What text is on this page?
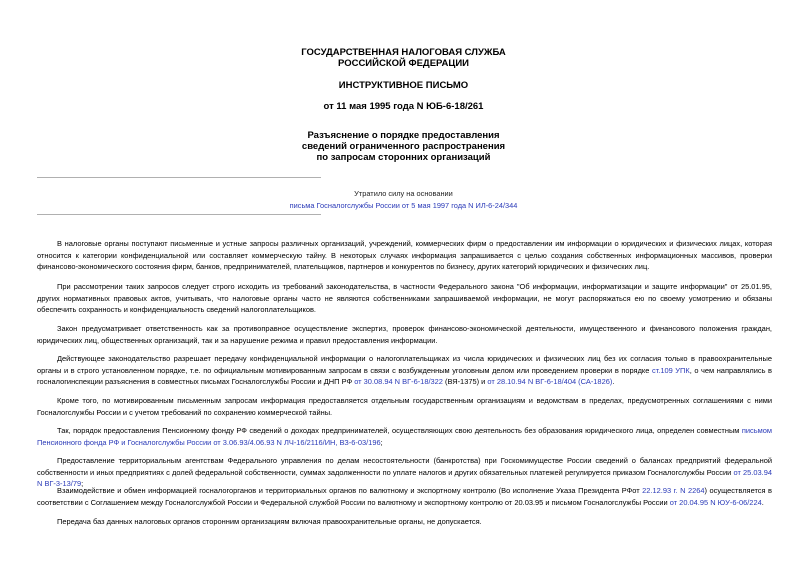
ГОСУДАРСТВЕННАЯ НАЛОГОВАЯ СЛУЖБА
РОССИЙСКОЙ ФЕДЕРАЦИИ
ИНСТРУКТИВНОЕ ПИСЬМО
от 11 мая 1995 года N ЮБ-6-18/261
Разъяснение о порядке предоставления
сведений ограниченного распространения
по запросам сторонних организаций
Утратило силу на основании
письма Госналогслужбы России от 5 мая 1997 года N ИЛ-6-24/344

В налоговые органы поступают письменные и устные запросы различных организаций, учреждений, коммерческих фирм о предоставлении им информации о юридических и физических лицах, которая относится к категории конфиденциальной или составляет коммерческую тайну. В некоторых случаях информация запрашивается с целью создания собственных информационных массивов, проверки финансово-экономического состояния фирм, банков, предпринимателей, плательщиков, партнеров и конкурентов по бизнесу, других категорий юридических и физических лиц.

При рассмотрении таких запросов следует строго исходить из требований законодательства, в частности Федерального закона "Об информации, информатизации и защите информации" от 25.01.95, других нормативных правовых актов, учитывать, что налоговые органы часто не являются собственниками запрашиваемой информации, не могут распоряжаться ею по своему усмотрению и обязаны обеспечить сохранность и конфиденциальность сведений налогоплательщиков.

Закон предусматривает ответственность как за противоправное осуществление экспертиз, проверок финансово-экономической деятельности, имущественного и финансового положения граждан, юридических лиц, общественных организаций, так и за нарушение режима и правил предоставления информации.

Действующее законодательство разрешает передачу конфиденциальной информации о налогоплательщиках из числа юридических и физических лиц без их согласия только в правоохранительные органы и в строго установленном порядке, т.е. по официальным мотивированным запросам в связи с возбужденным уголовным делом или проведением проверки в порядке ст.109 УПК, о чем направлялись в госналогинспекции разъяснения в совместных письмах Госналогслужбы России и ДНП РФ от 30.08.94 N ВГ-6-18/322 (ВЯ-1375) и от 28.10.94 N ВГ-6-18/404 (СА-1826).

Кроме того, по мотивированным письменным запросам информация предоставляется отдельным государственным организациям и ведомствам в пределах, предусмотренных соглашениями с ними Госналогслужбы России и с учетом требований по сохранению коммерческой тайны.

Так, порядок предоставления Пенсионному фонду РФ сведений о доходах предпринимателей, осуществляющих свою деятельность без образования юридического лица, определен совместным письмом Пенсионного фонда РФ и Госналогслужбы России от 3.06.93/4.06.93 N ЛЧ-16/2116/ИН, ВЗ-6-03/196;

Предоставление территориальным агентствам Федерального управления по делам несостоятельности (банкротства) при Госкомимуществе России сведений о балансах предприятий федеральной собственности и иных предприятиях с долей федеральной собственности, суммах задолженности по уплате налогов и других обязательных платежей регулируется приказом Госналогслужбы России от 25.03.94 N ВГ-3-13/79;

Взаимодействие и обмен информацией госналогорганов и территориальных органов по валютному и экспортному контролю (Во исполнение Указа Президента РФот 22.12.93 г. N 2264) осуществляется в соответствии с Соглашением между Госналогслужбой России и Федеральной службой России по валютному и экспортному контролю от 20.03.95 и письмом Госналогслужбы России от 20.04.95 N ЮУ-6-06/224.

Передача баз данных налоговых органов сторонним организациям включая правоохранительные органы, не допускается.
